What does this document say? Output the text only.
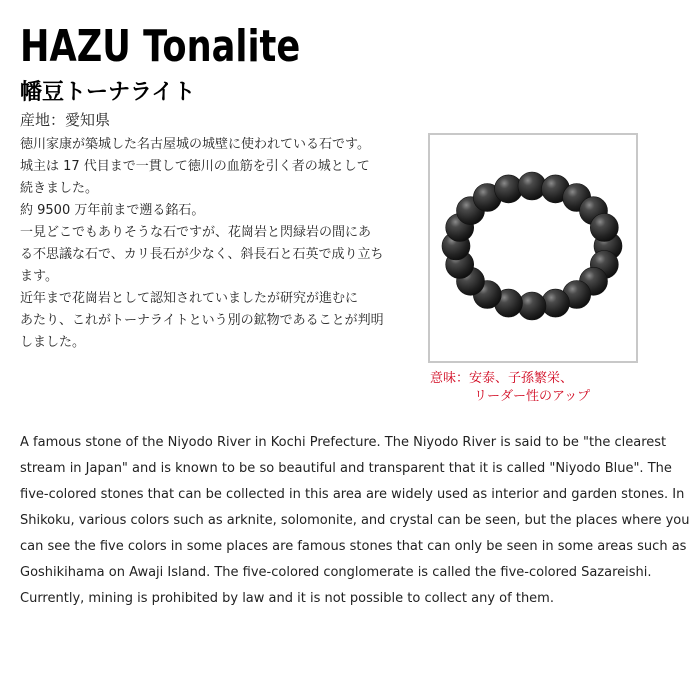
HAZU Tonalite
幡豆トーナライト
産地：愛知県

徳川家康が築城した名古屋城の城壁に使われている石です。

城主は 17 代目まで一貫して徳川の血筋を引く者の城として

続きました。

約 9500 万年前まで遡る銘石。

一見どこでもありそうな石ですが、花崗岩と閃緑岩の間にあ

る不思議な石で、カリ長石が少なく、斜長石と石英で成り立ち

ます。

近年まで花崗岩として認知されていましたが研究が進むに

あたり、これがトーナライトという別の鉱物であることが判明

しました。

意味：安泰、子孫繁栄、
リーダー性のアップ

A famous stone of the Niyodo River in Kochi Prefecture. The Niyodo River is said to be "the clearest

stream in Japan" and is known to be so beautiful and transparent that it is called "Niyodo Blue". The

five-colored stones that can be collected in this area are widely used as interior and garden stones. In

Shikoku, various colors such as arknite, solomonite, and crystal can be seen, but the places where you

can see the five colors in some places are famous stones that can only be seen in some areas such as

Goshikihama on Awaji Island. The five-colored conglomerate is called the five-colored Sazareishi.

Currently, mining is prohibited by law and it is not possible to collect any of them.
